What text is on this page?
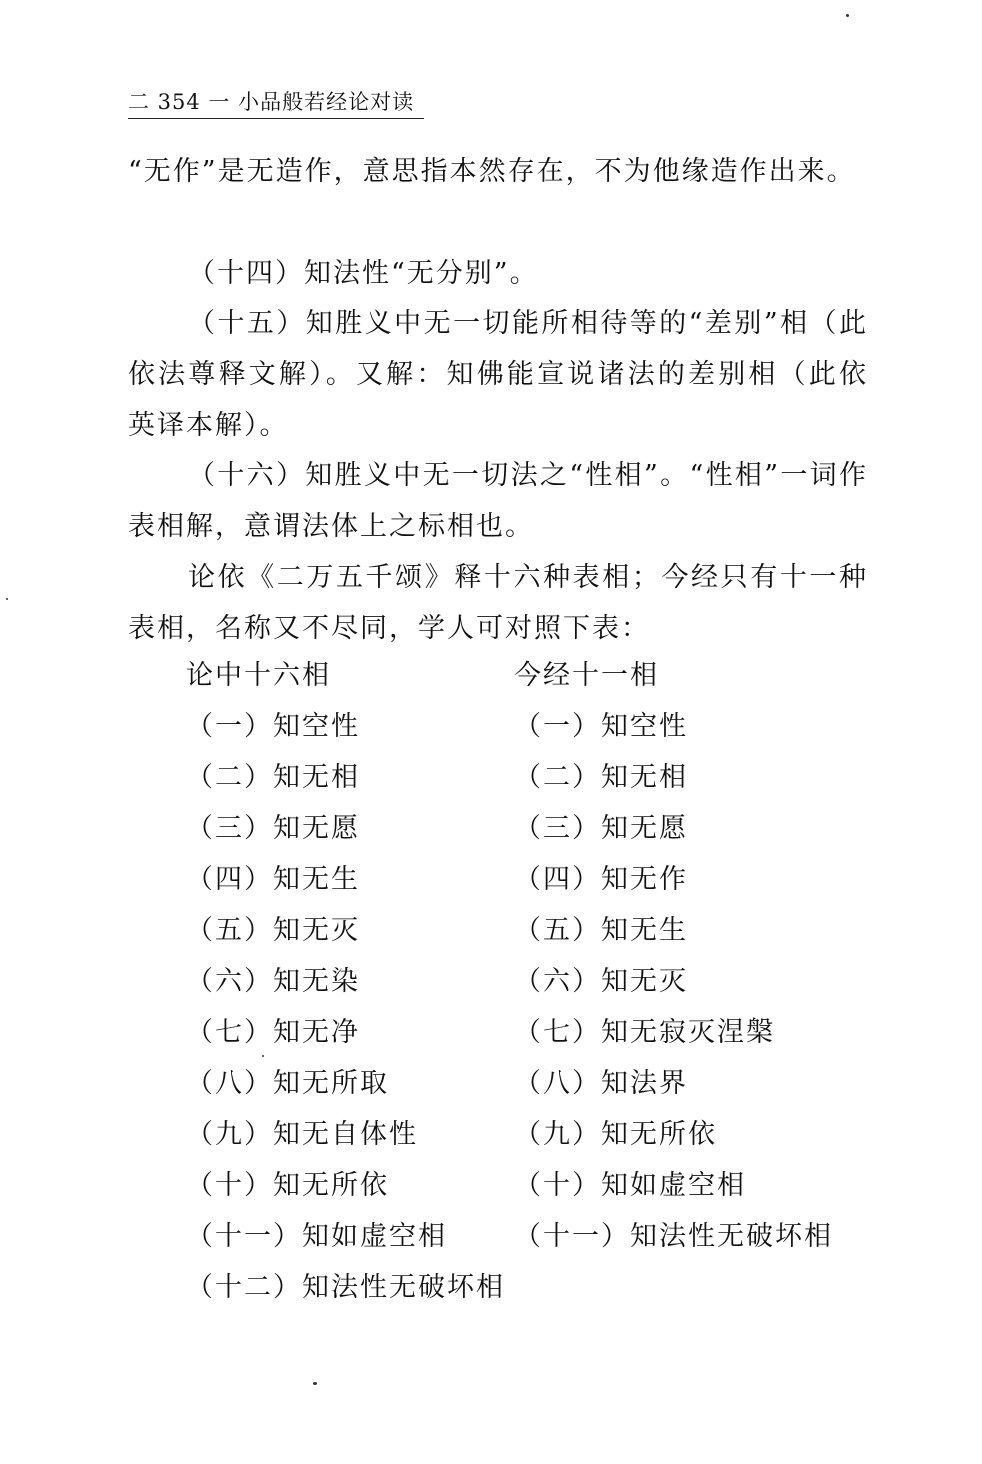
二 354 一 小品般若经论对读
“无作”是无造作，意思指本然存在，不为他缘造作出来。
（十四）知法性“无分别”。
（十五）知胜义中无一切能所相待等的“差别”相（此依法尊释文解）。又解：知佛能宣说诸法的差别相（此依英译本解）。
（十六）知胜义中无一切法之“性相”。“性相”一词作表相解，意谓法体上之标相也。
论依《二万五千颂》释十六种表相；今经只有十一种表相，名称又不尽同，学人可对照下表：
论中十六相	今经十一相
（一）知空性
（二）知无相
（三）知无愿
（四）知无生
（五）知无灭
（六）知无染
（七）知无净
（八）知无所取
（九）知无自体性
（十）知无所依
（十一）知如虚空相
（十二）知法性无破坏相
（一）知空性
（二）知无相
（三）知无愿
（四）知无作
（五）知无生
（六）知无灭
（七）知无寂灭涅槃
（八）知法界
（九）知无所依
（十）知如虚空相
（十一）知法性无破坏相
